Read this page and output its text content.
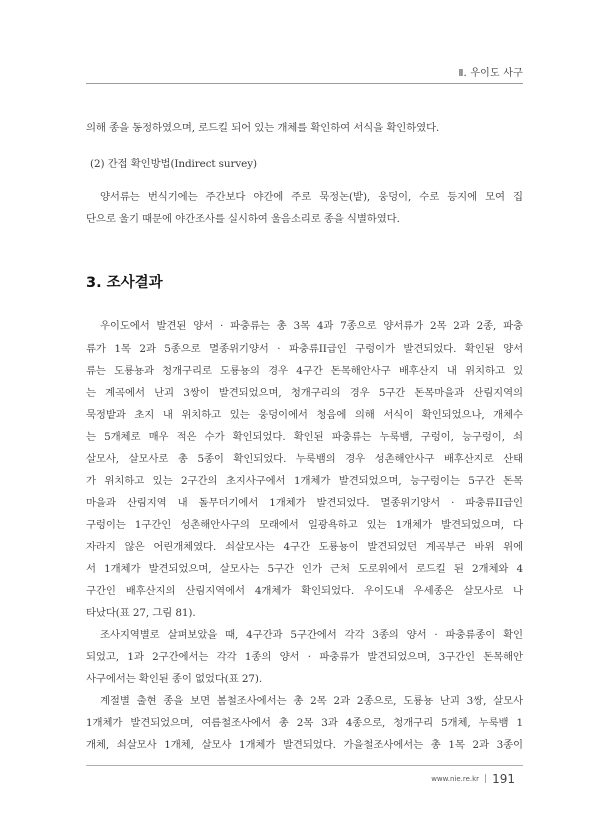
Ⅱ. 우이도 사구
의해 종을 동정하였으며, 로드킬 되어 있는 개체를 확인하여 서식을 확인하였다.
(2) 간접 확인방법(Indirect survey)
양서류는 번식기에는 주간보다 야간에 주로 묵정논(밭), 웅덩이, 수로 등지에 모여 집
단으로 울기 때문에 야간조사를 실시하여 울음소리로 종을 식별하였다.
3. 조사결과
우이도에서 발견된 양서 · 파충류는 총 3목 4과 7종으로 양서류가 2목 2과 2종, 파충
류가 1목 2과 5종으로 멸종위기양서 · 파충류II급인 구렁이가 발견되었다. 확인된 양서
류는 도룡뇽과 청개구리로 도룡뇽의 경우 4구간 돈목해안사구 배후산지 내 위치하고 있
는 계곡에서 난괴 3쌍이 발견되었으며, 청개구리의 경우 5구간 돈목마을과 산림지역의
묵정밭과 초지 내 위치하고 있는 웅덩이에서 청음에 의해 서식이 확인되었으나, 개체수
는 5개체로 매우 적은 수가 확인되었다. 확인된 파충류는 누룩뱀, 구렁이, 능구렁이, 쇠
살모사, 살모사로 총 5종이 확인되었다. 누룩뱀의 경우 성촌해안사구 배후산지로 산태
가 위치하고 있는 2구간의 초지사구에서 1개체가 발견되었으며, 능구렁이는 5구간 돈목
마을과 산림지역 내 돌무더기에서 1개체가 발견되었다. 멸종위기양서 · 파충류II급인
구렁이는 1구간인 성촌해안사구의 모래에서 일광욕하고 있는 1개체가 발견되었으며, 다
자라지 않은 어린개체였다. 쇠살모사는 4구간 도룡뇽이 발견되었던 계곡부근 바위 위에
서 1개체가 발견되었으며, 살모사는 5구간 인가 근처 도로위에서 로드킬 된 2개체와 4
구간인 배후산지의 산림지역에서 4개체가 확인되었다. 우이도내 우세종은 살모사로 나
타났다(표 27, 그림 81).
조사지역별로 살펴보았을 때, 4구간과 5구간에서 각각 3종의 양서 · 파충류종이 확인
되었고, 1과 2구간에서는 각각 1종의 양서 · 파충류가 발견되었으며, 3구간인 돈목해안
사구에서는 확인된 종이 없었다(표 27).
계절별 출현 종을 보면 봄철조사에서는 총 2목 2과 2종으로, 도룡뇽 난괴 3쌍, 살모사
1개체가 발견되었으며, 여름철조사에서 총 2목 3과 4종으로, 청개구리 5개체, 누룩뱀 1
개체, 쇠살모사 1개체, 살모사 1개체가 발견되었다. 가을철조사에서는 총 1목 2과 3종이
www.nie.re.kr | 191
